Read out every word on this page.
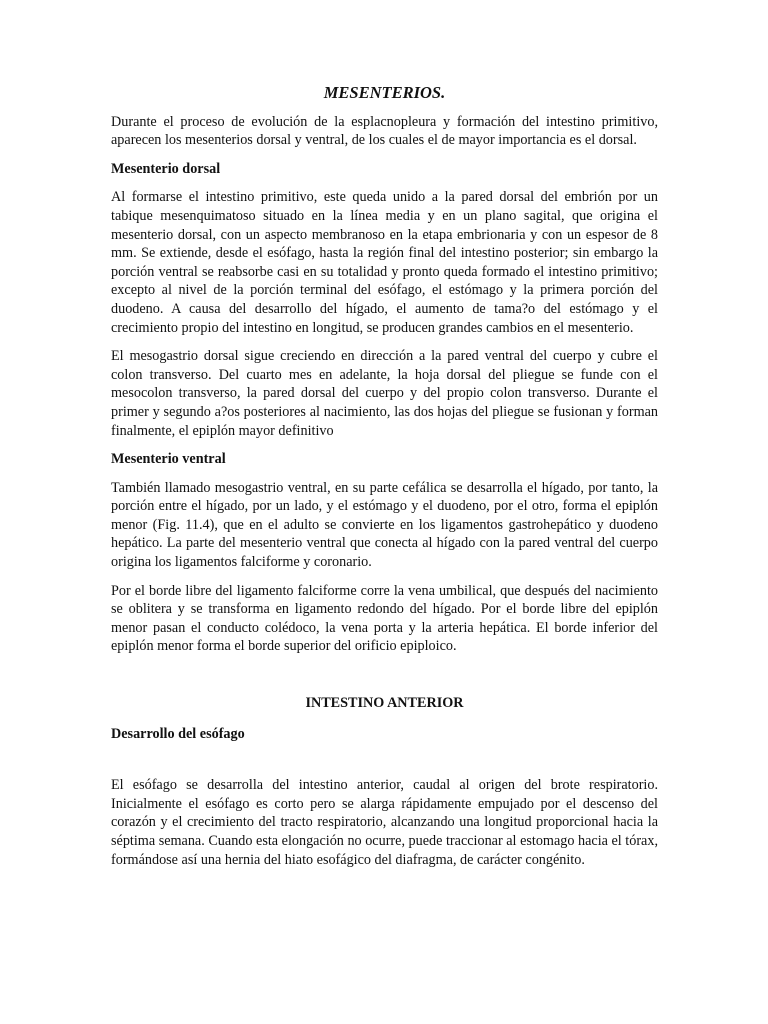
MESENTERIOS.

Durante el proceso de evolución de la esplacnopleura y formación del intestino primitivo, aparecen los mesenterios dorsal y ventral, de los cuales el de mayor importancia es el dorsal.

Mesenterio dorsal

Al formarse el intestino primitivo, este queda unido a la pared dorsal del embrión por un tabique mesenquimatoso situado en la línea media y en un plano sagital, que origina el mesenterio dorsal, con un aspecto membranoso en la etapa embrionaria y con un espesor de 8 mm. Se extiende, desde el esófago, hasta la región final del intestino posterior; sin embargo la porción ventral se reabsorbe casi en su totalidad y pronto queda formado el intestino primitivo; excepto al nivel de la porción terminal del esófago, el estómago y la primera porción del duodeno. A causa del desarrollo del hígado, el aumento de tama?o del estómago y el crecimiento propio del intestino en longitud, se producen grandes cambios en el mesenterio.

El mesogastrio dorsal sigue creciendo en dirección a la pared ventral del cuerpo y cubre el colon transverso. Del cuarto mes en adelante, la hoja dorsal del pliegue se funde con el mesocolon transverso, la pared dorsal del cuerpo y del propio colon transverso. Durante el primer y segundo a?os posteriores al nacimiento, las dos hojas del pliegue se fusionan y forman finalmente, el epiplón mayor definitivo

Mesenterio ventral

También llamado mesogastrio ventral, en su parte cefálica se desarrolla el hígado, por tanto, la porción entre el hígado, por un lado, y el estómago y el duodeno, por el otro, forma el epiplón menor (Fig. 11.4), que en el adulto se convierte en los ligamentos gastrohepático y duodeno hepático. La parte del mesenterio ventral que conecta al hígado con la pared ventral del cuerpo origina los ligamentos falciforme y coronario.

Por el borde libre del ligamento falciforme corre la vena umbilical, que después del nacimiento se oblitera y se transforma en ligamento redondo del hígado. Por el borde libre del epiplón menor pasan el conducto colédoco, la vena porta y la arteria hepática. El borde inferior del epiplón menor forma el borde superior del orificio epiploico.

INTESTINO ANTERIOR
Desarrollo del esófago

El esófago se desarrolla del intestino anterior, caudal al origen del brote respiratorio. Inicialmente el esófago es corto pero se alarga rápidamente empujado por el descenso del corazón y el crecimiento del tracto respiratorio, alcanzando una longitud proporcional hacia la séptima semana. Cuando esta elongación no ocurre, puede traccionar al estomago hacia el tórax, formándose así una hernia del hiato esofágico del diafragma, de carácter congénito.
